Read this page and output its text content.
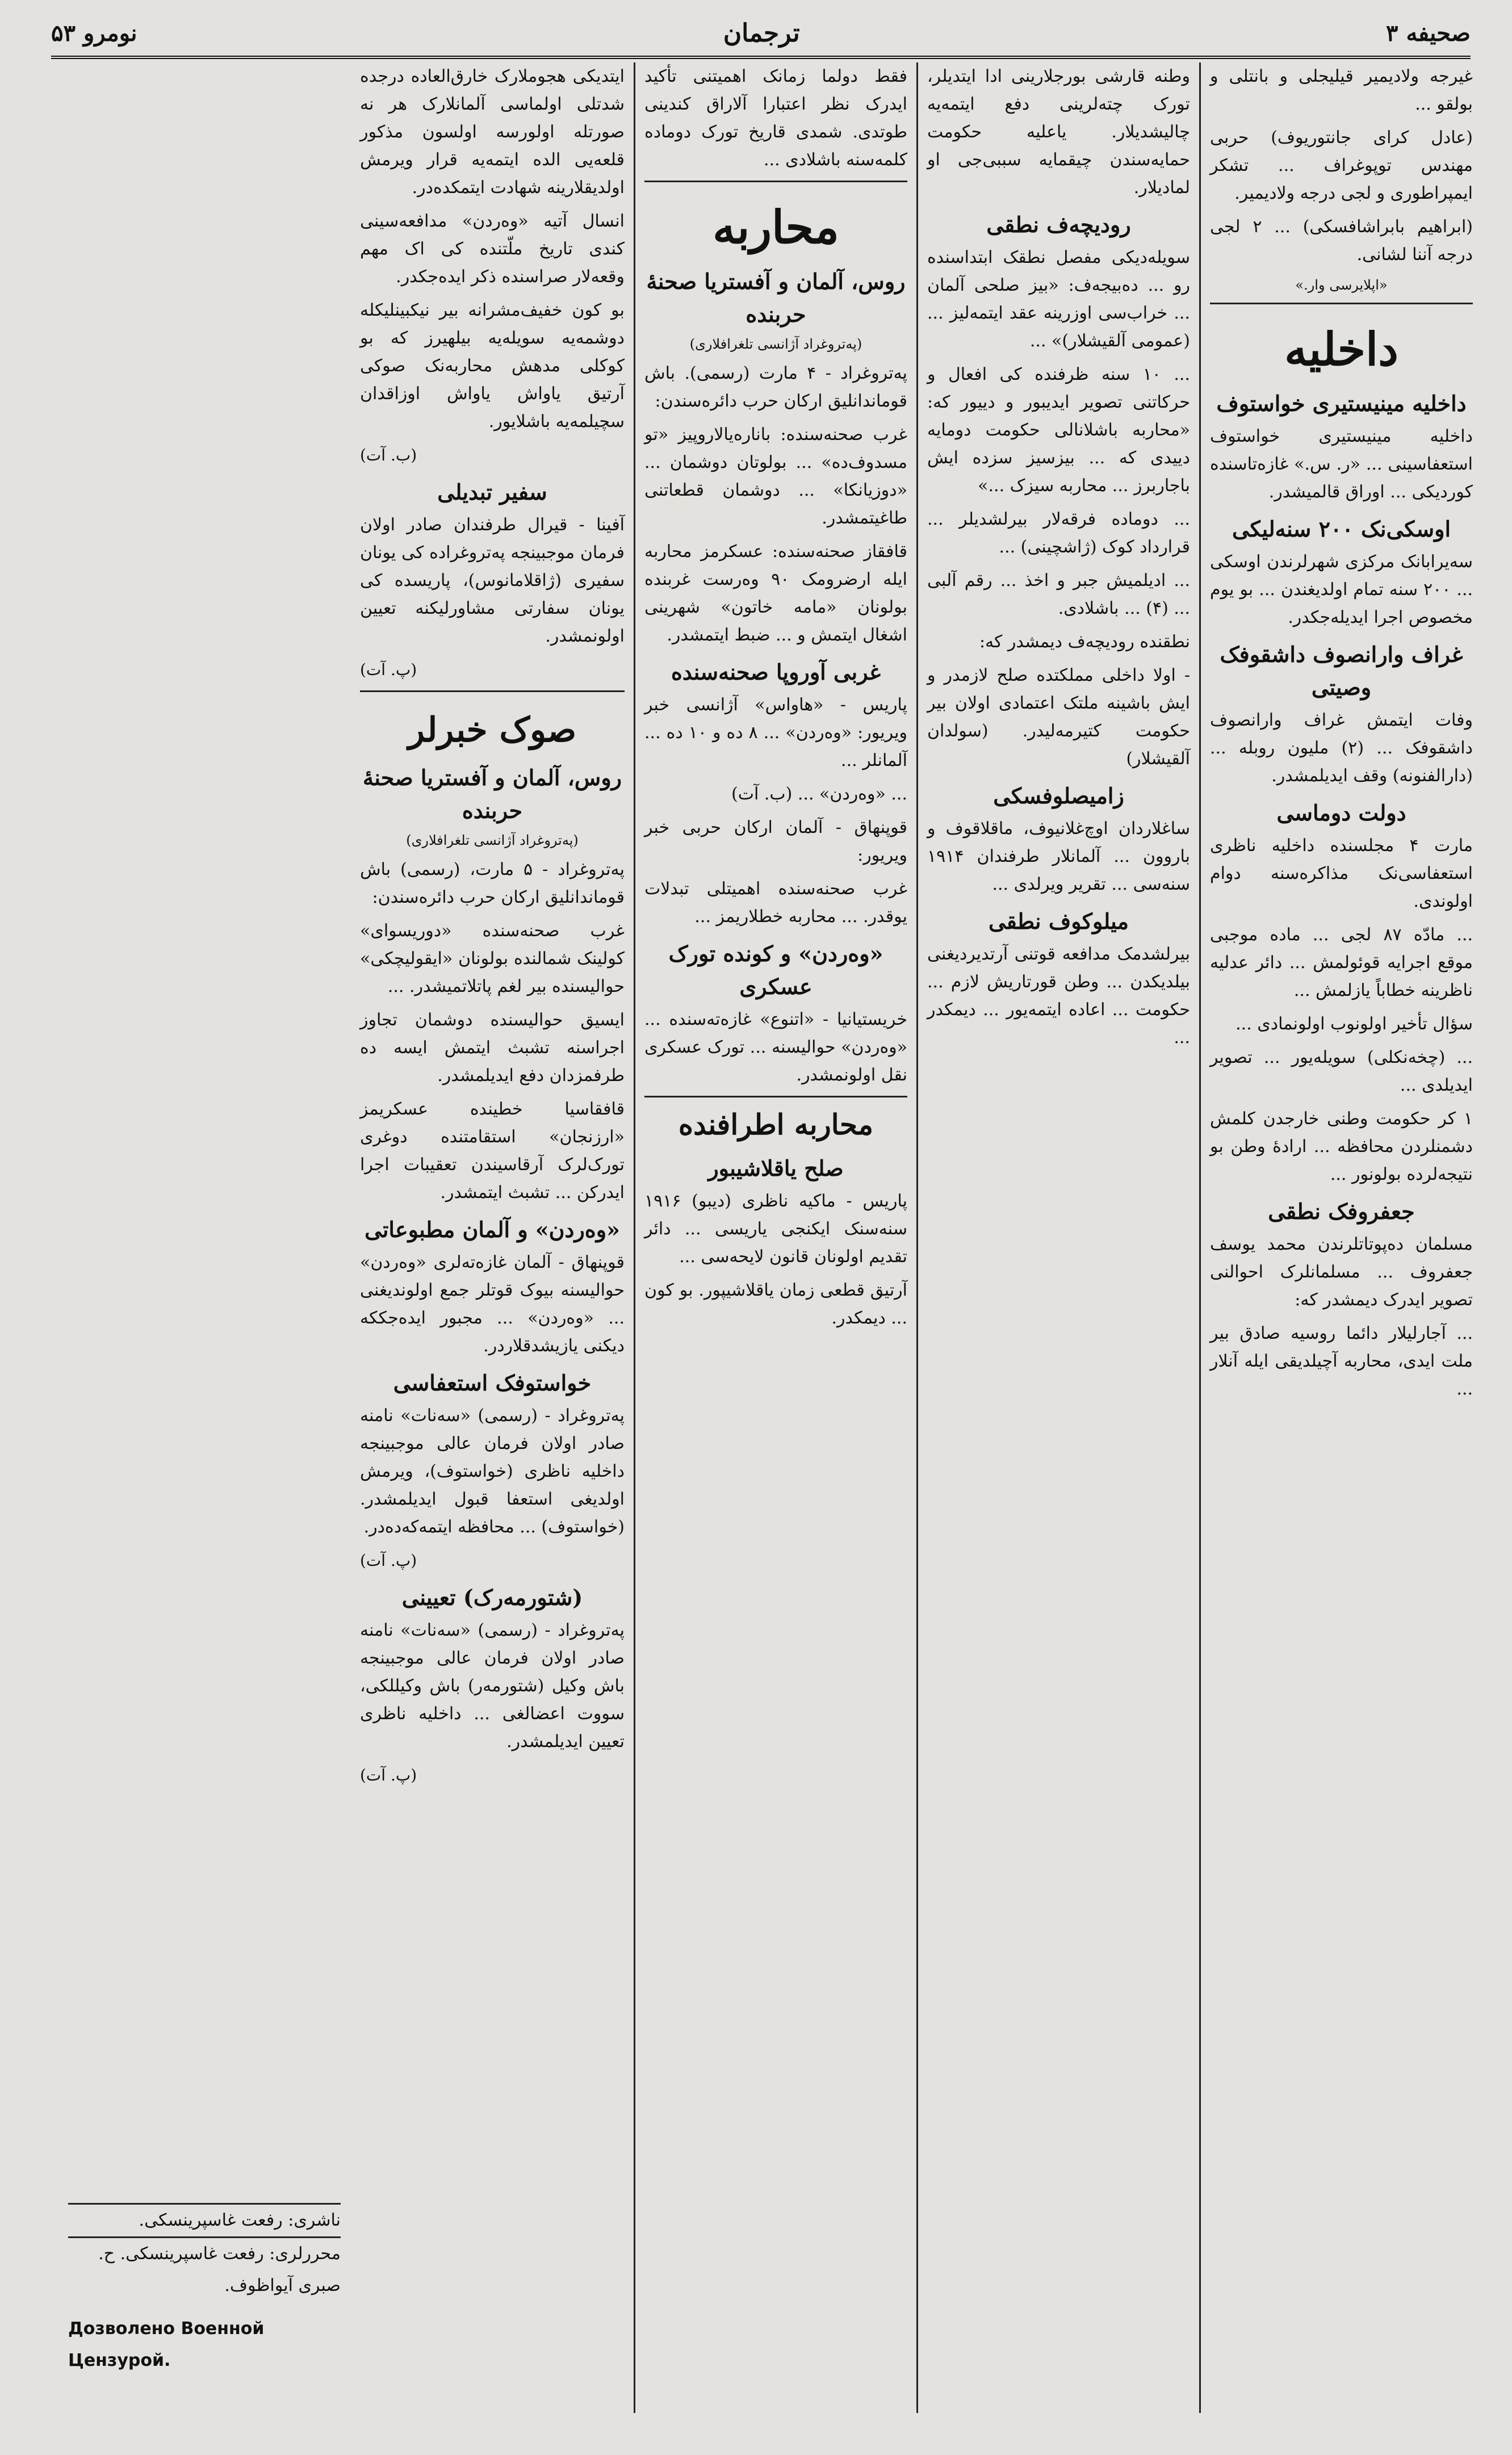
صحیفه ۳
ترجمان
نومرو ۵۳

غیرجه ولادیمیر قیلیجلی و بانتلی و بولقو ...

(عادل کرای جانتوریوف) حربی مهندس توپوغراف ... تشکر ایمپراطوری و لجی درجه ولادیمیر.

(ابراهیم بابراشافسکی) ... ۲ لجی درجه آننا لشانی.

«اپلایرسی وار.»
داخلیه
داخلیه مینیستیری خواستوف

داخلیه مینیستیری خواستوف استعفاسینی ... «ر. س.» غازه‌تاسنده کوردیکی ... اوراق قالمیشدر.

اوسکی‌نک ۲۰۰ سنه‌لیکی

سه‌یرابانک مرکزی شهرلرندن اوسکی ... ۲۰۰ سنه تمام اولدیغندن ... بو یوم مخصوص اجرا ایدیله‌جکدر.

غراف وارانصوف داشقوفک وصیتی

وفات ایتمش غراف وارانصوف داشقوفک ... (۲) ملیون روبله ... (دارالفنونه) وقف ایدیلمشدر.

دولت دوماسی

مارت ۴ مجلسنده داخلیه ناظری استعفاسی‌نک مذاکره‌سنه دوام اولوندی.

... مادّه ۸۷ لجی ... ماده موجبی موقع اجرایه قوئولمش ... دائر عدلیه ناظرینه خطاباً یازلمش ...

سؤال تأخیر اولونوب اولونمادی ...

... (چخه‌نکلی) سویله‌یور ... تصویر ایدیلدی ...

۱ کر حکومت وطنی خارجدن کلمش دشمنلردن محافظه ... ارادۀ وطن بو نتیجه‌لرده بولونور ...

جعفروفک نطقی

مسلمان ده‌پوتاتلرندن محمد یوسف جعفروف ... مسلمانلرک احوالنی تصویر ایدرک دیمشدر که:

... آجارلیلار دائما روسیه صادق بیر ملت ایدی، محاربه آچیلدیقی ایله آنلار ...

وطنه قارشی بورجلارینی ادا ایتدیلر، تورک چته‌لرینی دفع ایتمه‌یه چالیشدیلار. یاعلیه حکومت حمایه‌سندن چیقمایه سببی‌جی او لمادیلار.

رودیچه‌ف نطقی

سویله‌دیکی مفصل نطقک ابتداسنده رو ... ده‌بیجه‌ف: «بیز صلحی آلمان ... خراب‌سی اوزرینه عقد ایتمه‌لیز ... (عمومی آلقیشلار)» ...

... ۱۰ سنه ظرفنده کی افعال و حرکاتنی تصویر ایدیبور و دییور که: «محاربه باشلانالی حکومت دومایه دییدی که ... بیز‌سیز سزده ایش باجاربرز ... محاربه سیزک ...»

... دوماده فرقه‌لار بیرلشدیلر ... قرارداد کوک (ژاشچینی) ...

... ادیلمیش جبر و اخذ ... رقم آلبی ... (۴) ... باشلادی.

نطقنده رودیچه‌ف دیمشدر که:

- اولا داخلی مملکتده صلح لازمدر و ایش باشینه ملتک اعتمادی اولان بیر حکومت کتیرمه‌لیدر. (سولدان آلقیشلار)

زامیصلوفسکی

ساغلاردان اوچ‌غلانیوف، ماقلاقوف و باروون ... آلمانلار طرفندان ۱۹۱۴ سنه‌سی ... تقریر ویرلدی ...

میلوکوف نطقی

بیرلشدمک مدافعه قوتنی آرتدیردیغنی بیلدیکدن ... وطن قورتاریش لازم ... حکومت ... اعاده ایتمه‌یور ... دیمکدر ...

فقط دولما زمانک اهمیتنی تأکید ایدرک نظر اعتبارا آلاراق کندینی طوتدی. شمدی قاریخ تورک دوماده کلمه‌سنه باشلادی ...

محاربه
روس، آلمان و آفستریا صحنهٔ حربنده
(په‌تروغراد آژانسی تلغرافلاری)

په‌تروغراد - ۴ مارت (رسمی). باش قوماندانلیق ارکان حرب دائره‌سندن:

غرب صحنه‌سنده: باناره‌یالاروپیز «تو مسدوف‌ده» ... بولوتان دوشمان ... «دوزیانکا» ... دوشمان قطعاتنی طاغیتمشدر.

قافقاز صحنه‌سنده: عسکرمز محاربه ایله ارضرومک ۹۰ وه‌رست غربنده بولونان «مامه خاتون» شهرینی اشغال ایتمش و ... ضبط ایتمشدر.

غربی آوروپا صحنه‌سنده

پاریس - «هاواس» آژانسی خبر ویریور: «وه‌ردن» ... ۸ ده و ۱۰ ده ... آلمانلر ...

... «وه‌ردن» ... (ب. آت)

قوپنهاق - آلمان ارکان حربی خبر ویریور:

غرب صحنه‌سنده اهمیتلی تبدلات یوقدر. ... محاربه خطلاریمز ...

«وه‌ردن» و کونده تورک عسکری

خریستیانیا - «اتنوع» غازه‌ته‌سنده ... «وه‌ردن» حوالیسنه ... تورک عسکری نقل اولونمشدر.

محاربه اطرافنده
صلح یاقلاشیبور

پاریس - ماکیه ناظری (دیبو) ۱۹۱۶ سنه‌سنک ایکنجی یاریسی ... دائر تقدیم اولونان قانون لایحه‌سی ...

آرتیق قطعی زمان یاقلاشیپور. بو کون ... دیمکدر.

ایتدیکی هجوملارک خارق‌العاده درجده شدتلی اولماسی آلمانلارک هر نه صورتله اولورسه اولسون مذکور قلعه‌یی الده ایتمه‌یه قرار ویرمش اولدیقلارینه شهادت ایتمکده‌در.

انسال آتیه «وه‌ردن» مدافعه‌سینی کندی تاریخ ملّتنده کی اک مهم وقعه‌لار صراسنده ذکر ایده‌جکدر.

بو کون خفیف‌مشرانه بیر نیکبینلیکله دوشمه‌یه سویله‌یه بیلهیرز که بو کوکلی مدهش محاربه‌نک صوکی آرتیق یاواش یاواش اوزاقدان سچیلمه‌یه باشلایور.

(ب. آت)
سفیر تبدیلی

آفینا - قیرال طرفندان صادر اولان فرمان موجبینجه په‌تروغراده کی یونان سفیری (ژاقلامانوس)، پاریسده کی یونان سفارتی مشاورلیکنه تعیین اولونمشدر.

(پ. آت)
صوک خبرلر
روس، آلمان و آفستریا صحنهٔ حربنده
(په‌تروغراد آژانسی تلغرافلاری)

په‌تروغراد - ۵ مارت، (رسمی) باش قوماندانلیق ارکان حرب دائره‌سندن:

غرب صحنه‌سنده «دوریسوای» کولینک شمالنده بولونان «ایقولیچکی» حوالیسنده بیر لغم پاتلاتمیشدر. ...

ایسیق حوالیسنده دوشمان تجاوز اجراسنه تشبث ایتمش ایسه ده طرفمزدان دفع ایدیلمشدر.

قافقاسیا خطینده عسکریمز «ارزنجان» استقامتنده دوغری تورک‌لرک آرقاسیندن تعقیبات اجرا ایدرکن ... تشبث ایتمشدر.

«وه‌ردن» و آلمان مطبوعاتی

قوپنهاق - آلمان غازه‌ته‌لری «وه‌ردن» حوالیسنه بیوک قوتلر جمع اولوندیغنی ... «وه‌ردن» ... مجبور ایده‌جککه دیکنی یازیشدقلاردر.

خواستوفک استعفاسی

په‌تروغراد - (رسمی) «سه‌نات» نامنه صادر اولان فرمان عالی موجبینجه داخلیه ناظری (خواستوف)، ویرمش اولدیغی استعفا قبول ایدیلمشدر. (خواستوف) ... محافظه ایتمه‌که‌ده‌در.

(پ. آت)
(شتورمه‌رک) تعیینی

په‌تروغراد - (رسمی) «سه‌نات» نامنه صادر اولان فرمان عالی موجبینجه باش وکیل (شتورمه‌ر) باش وکیللکی، سووت اعضالغی ... داخلیه ناظری تعیین ایدیلمشدر.

(پ. آت)
ناشری: رفعت غاسپرینسکی.
محررلری: رفعت غاسپرینسکی. ح. صبری آیواظوف.
Дозволено Военной Цензурой.
